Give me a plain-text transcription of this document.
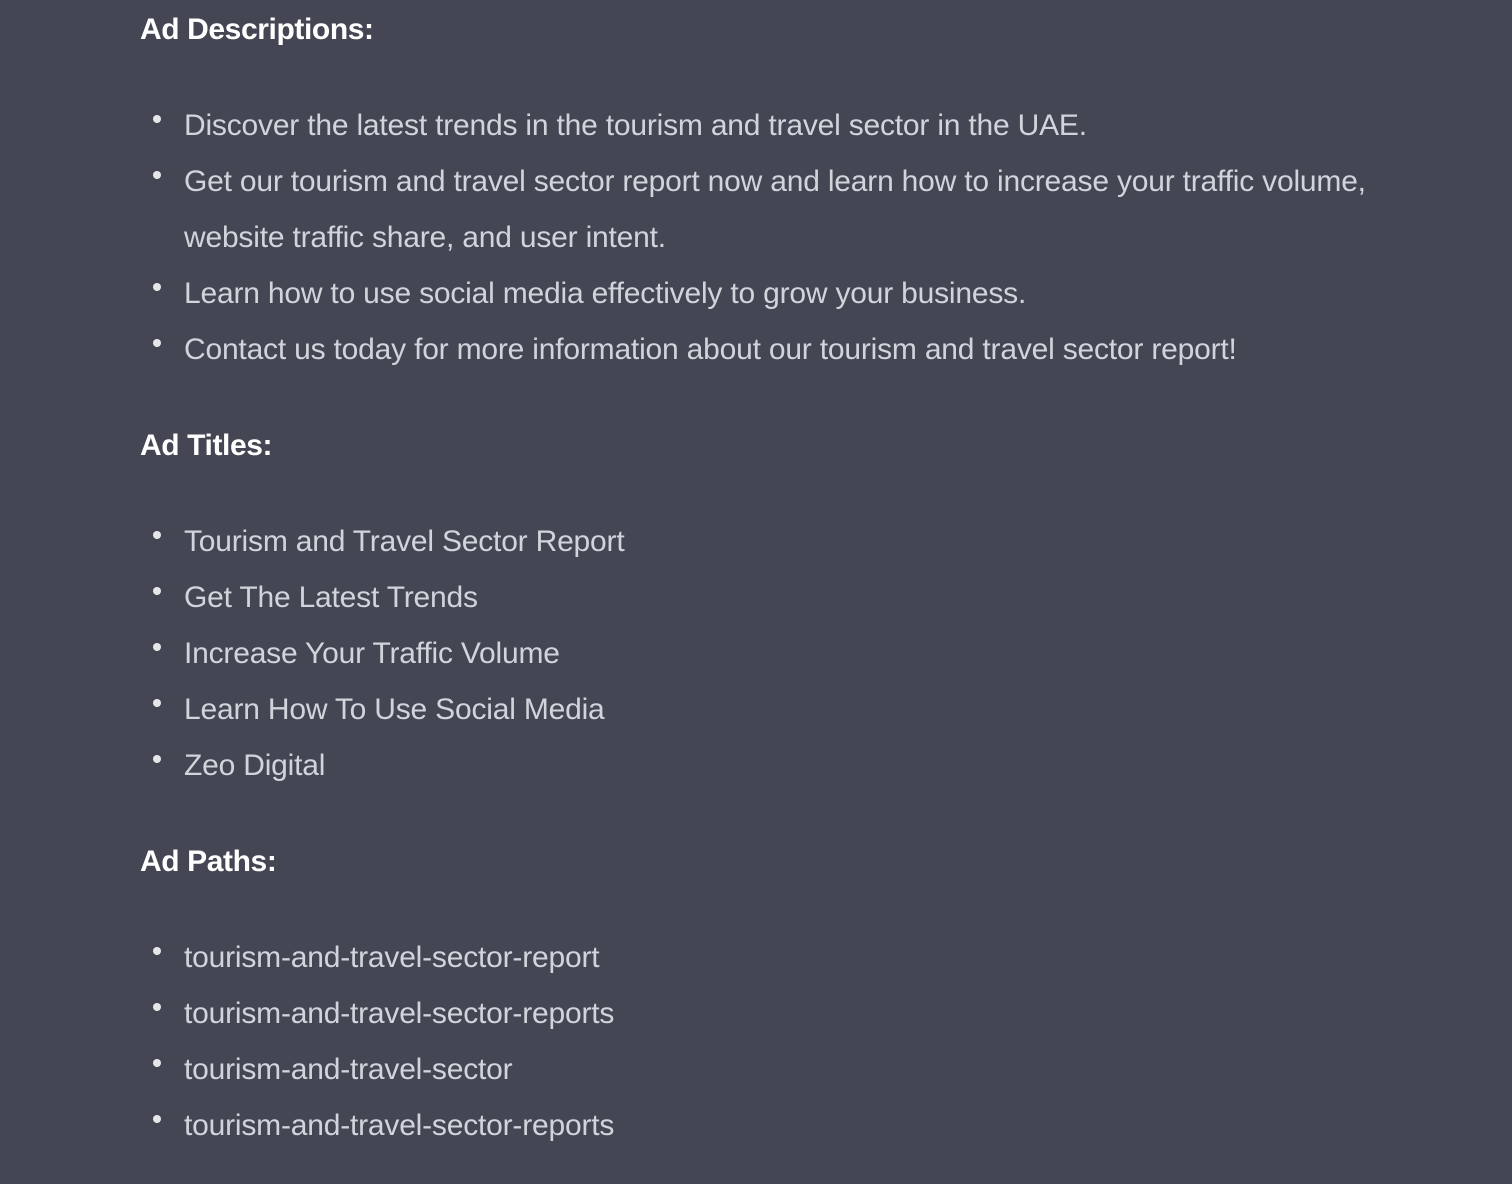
Ad Descriptions:
Discover the latest trends in the tourism and travel sector in the UAE.
Get our tourism and travel sector report now and learn how to increase your traffic volume, website traffic share, and user intent.
Learn how to use social media effectively to grow your business.
Contact us today for more information about our tourism and travel sector report!
Ad Titles:
Tourism and Travel Sector Report
Get The Latest Trends
Increase Your Traffic Volume
Learn How To Use Social Media
Zeo Digital
Ad Paths:
tourism-and-travel-sector-report
tourism-and-travel-sector-reports
tourism-and-travel-sector
tourism-and-travel-sector-reports
